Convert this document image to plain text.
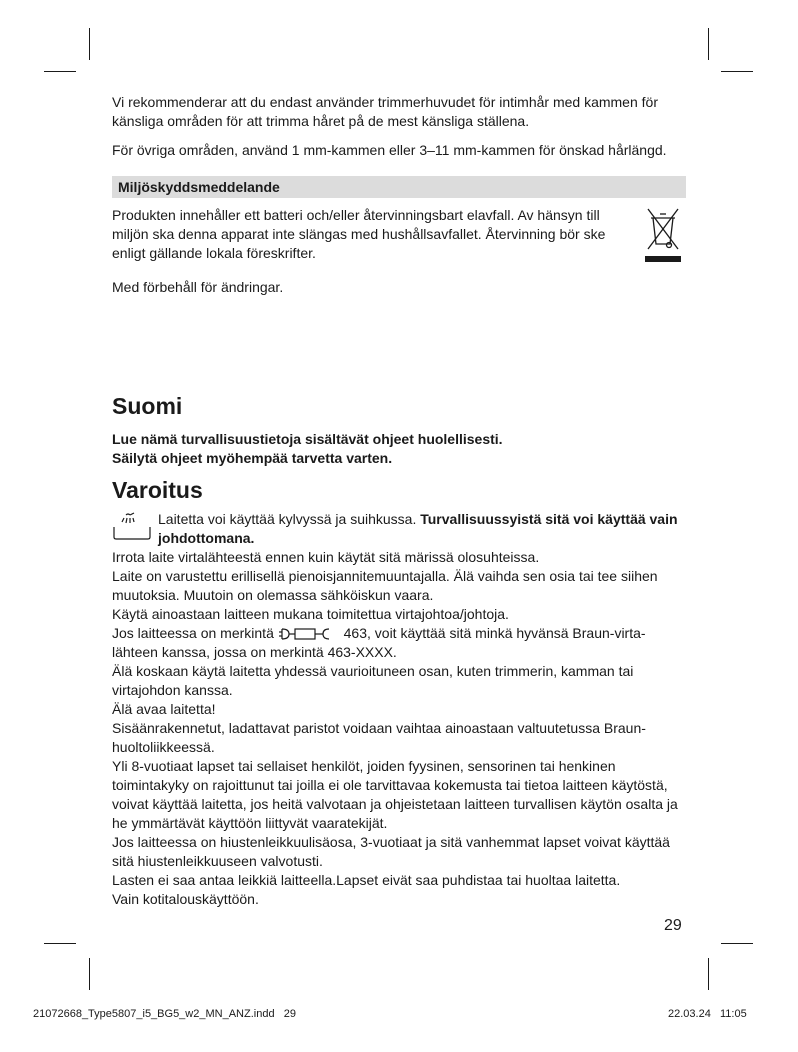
Vi rekommenderar att du endast använder trimmerhuvudet för intimhår med kammen för känsliga områden för att trimma håret på de mest känsliga ställena.

För övriga områden, använd 1 mm-kammen eller 3–11 mm-kammen för önskad hårlängd.

Miljöskyddsmeddelande

Produkten innehåller ett batteri och/eller återvinningsbart elavfall. Av hänsyn till miljön ska denna apparat inte slängas med hushållsavfallet. Återvinning bör ske enligt gällande lokala föreskrifter.

Med förbehåll för ändringar.

Suomi
Lue nämä turvallisuustietoja sisältävät ohjeet huolellisesti.
Säilytä ohjeet myöhempää tarvetta varten.
Varoitus

Laitetta voi käyttää kylvyssä ja suihkussa. Turvallisuussyistä sitä voi käyttää vain johdottomana.

Irrota laite virtalähteestä ennen kuin käytät sitä märissä olosuhteissa.

Laite on varustettu erillisellä pienoisjannitemuuntajalla. Älä vaihda sen osia tai tee siihen muutoksia. Muutoin on olemassa sähköiskun vaara.

Käytä ainoastaan laitteen mukana toimitettua virtajohtoa/johtoja.

Jos laitteessa on merkintä	463, voit käyttää sitä minkä hyvänsä Braun-virtalähteen kanssa, jossa on merkintä 463-XXXX.

Älä koskaan käytä laitetta yhdessä vaurioituneen osan, kuten trimmerin, kamman tai virtajohdon kanssa.

Älä avaa laitetta!

Sisäänrakennetut, ladattavat paristot voidaan vaihtaa ainoastaan valtuutetussa Braun-huoltoliikkeessä.

Yli 8-vuotiaat lapset tai sellaiset henkilöt, joiden fyysinen, sensorinen tai henkinen toimintakyky on rajoittunut tai joilla ei ole tarvittavaa kokemusta tai tietoa laitteen käytöstä, voivat käyttää laitetta, jos heitä valvotaan ja ohjeistetaan laitteen turvallisen käytön osalta ja he ymmärtävät käyttöön liittyvät vaaratekijät.

Jos laitteessa on hiustenleikkuulisäosa, 3-vuotiaat ja sitä vanhemmat lapset voivat käyttää sitä hiustenleikkuuseen valvotusti.

Lasten ei saa antaa leikkiä laitteella.Lapset eivät saa puhdistaa tai huoltaa laitetta.

Vain kotitalouskäyttöön.

29
21072668_Type5807_i5_BG5_w2_MN_ANZ.indd   29	22.03.24   11:05
